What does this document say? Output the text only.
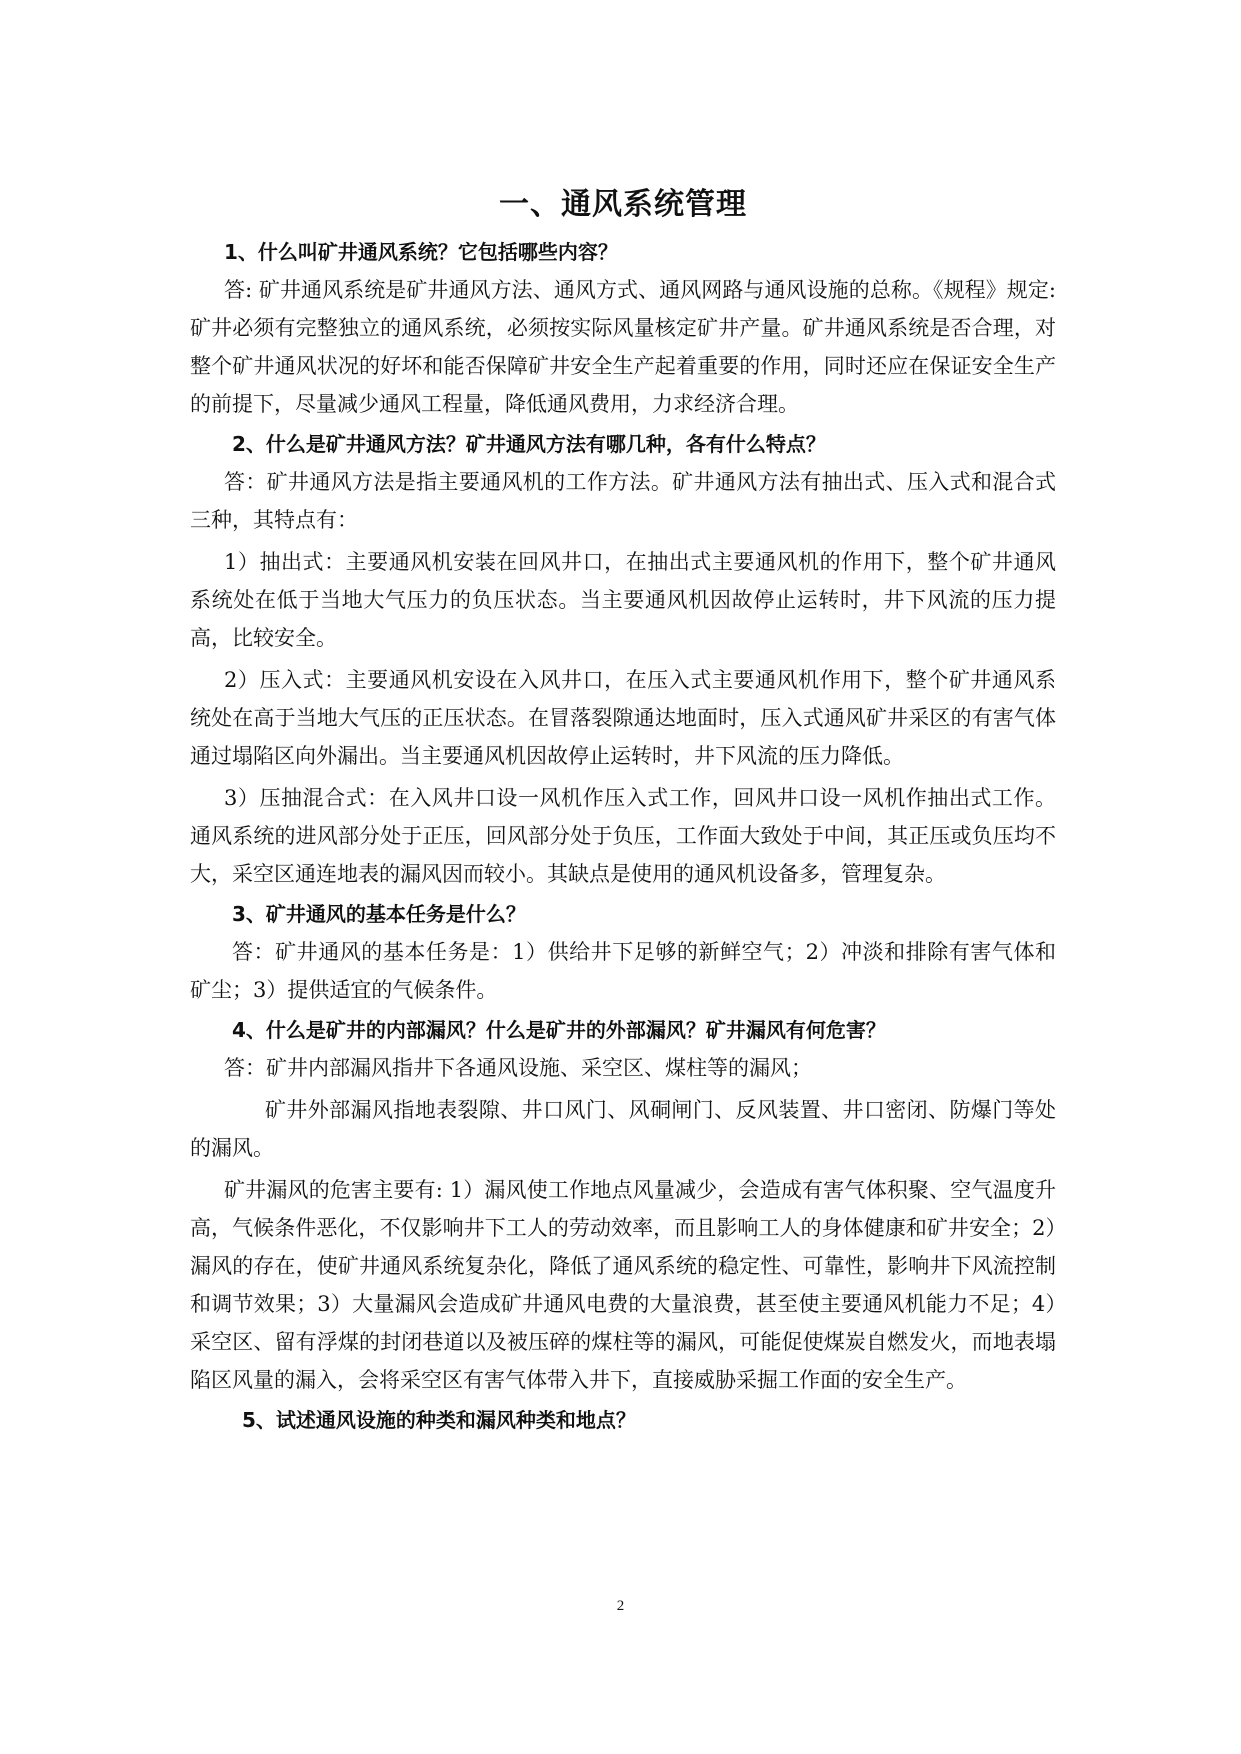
一、通风系统管理
1、什么叫矿井通风系统？它包括哪些内容？
答: 矿井通风系统是矿井通风方法、通风方式、通风网路与通风设施的总称。《规程》规定: 矿井必须有完整独立的通风系统，必须按实际风量核定矿井产量。矿井通风系统是否合理，对整个矿井通风状况的好坏和能否保障矿井安全生产起着重要的作用，同时还应在保证安全生产的前提下，尽量减少通风工程量，降低通风费用，力求经济合理。
2、什么是矿井通风方法？矿井通风方法有哪几种，各有什么特点？
答：矿井通风方法是指主要通风机的工作方法。矿井通风方法有抽出式、压入式和混合式三种，其特点有：
1）抽出式：主要通风机安装在回风井口，在抽出式主要通风机的作用下，整个矿井通风系统处在低于当地大气压力的负压状态。当主要通风机因故停止运转时，井下风流的压力提高，比较安全。
2）压入式：主要通风机安设在入风井口，在压入式主要通风机作用下，整个矿井通风系统处在高于当地大气压的正压状态。在冒落裂隙通达地面时，压入式通风矿井采区的有害气体通过塌陷区向外漏出。当主要通风机因故停止运转时，井下风流的压力降低。
3）压抽混合式：在入风井口设一风机作压入式工作，回风井口设一风机作抽出式工作。通风系统的进风部分处于正压，回风部分处于负压，工作面大致处于中间，其正压或负压均不大，采空区通连地表的漏风因而较小。其缺点是使用的通风机设备多，管理复杂。
3、矿井通风的基本任务是什么？
答：矿井通风的基本任务是：1）供给井下足够的新鲜空气；2）冲淡和排除有害气体和矿尘；3）提供适宜的气候条件。
4、什么是矿井的内部漏风？什么是矿井的外部漏风？矿井漏风有何危害？
答：矿井内部漏风指井下各通风设施、采空区、煤柱等的漏风；
矿井外部漏风指地表裂隙、井口风门、风硐闸门、反风装置、井口密闭、防爆门等处的漏风。
矿井漏风的危害主要有: 1）漏风使工作地点风量减少，会造成有害气体积聚、空气温度升高，气候条件恶化，不仅影响井下工人的劳动效率，而且影响工人的身体健康和矿井安全；2）漏风的存在，使矿井通风系统复杂化，降低了通风系统的稳定性、可靠性，影响井下风流控制和调节效果；3）大量漏风会造成矿井通风电费的大量浪费，甚至使主要通风机能力不足；4）采空区、留有浮煤的封闭巷道以及被压碎的煤柱等的漏风，可能促使煤炭自燃发火，而地表塌陷区风量的漏入，会将采空区有害气体带入井下，直接威胁采掘工作面的安全生产。
5、试述通风设施的种类和漏风种类和地点？
2
